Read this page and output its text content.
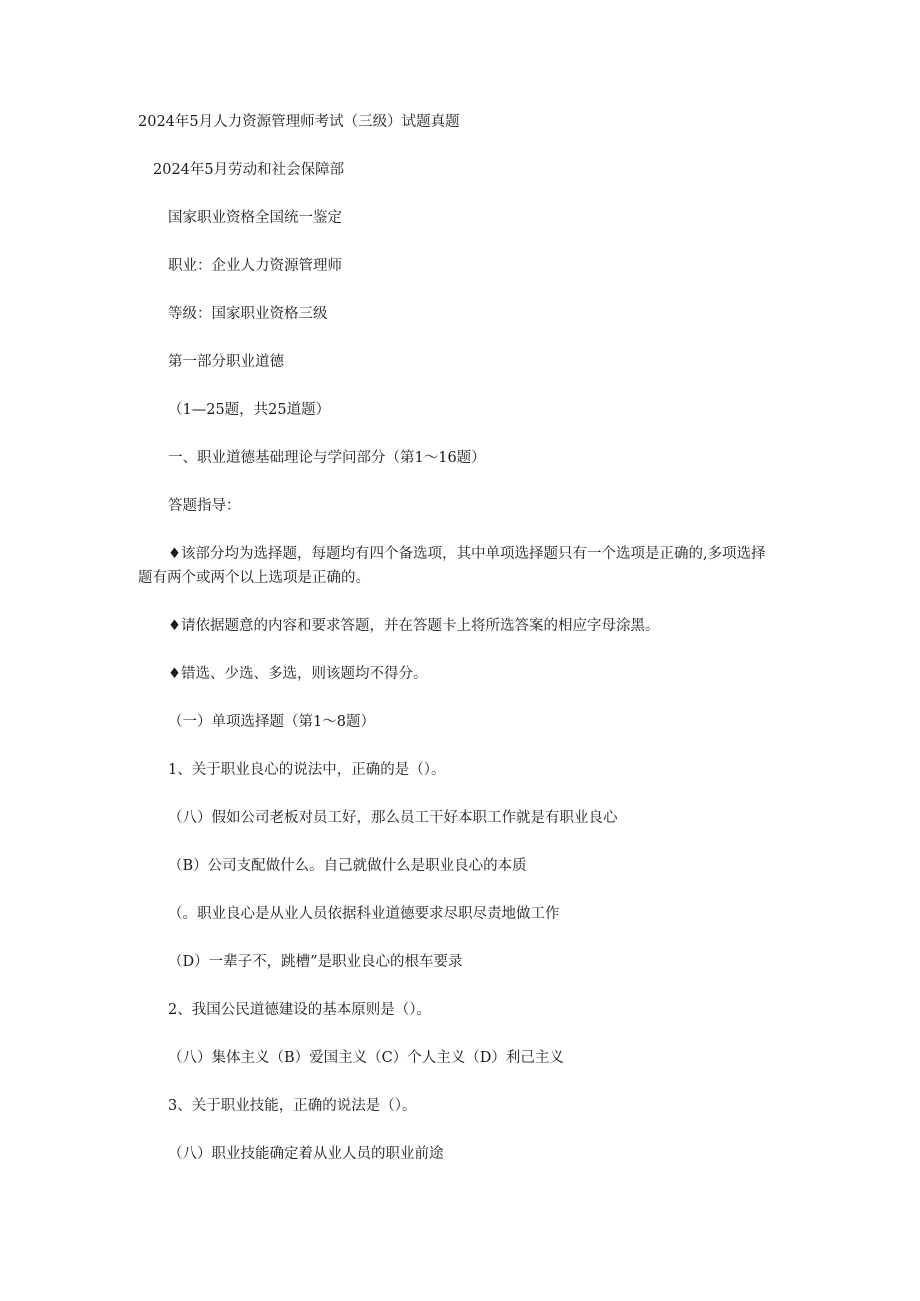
2024年5月人力资源管理师考试（三级）试题真题
2024年5月劳动和社会保障部
国家职业资格全国统一鉴定
职业：企业人力资源管理师
等级：国家职业资格三级
第一部分职业道德
（1—25题，共25道题）
一、职业道德基础理论与学问部分（第1～16题）
答题指导：
♦该部分均为选择题，每题均有四个备选项，其中单项选择题只有一个选项是正确的,多项选择题有两个或两个以上选项是正确的。
♦请依据题意的内容和要求答题，并在答题卡上将所选答案的相应字母涂黑。
♦错选、少选、多选，则该题均不得分。
（一）单项选择题（第1～8题）
1、关于职业良心的说法中，正确的是（）。
（八）假如公司老板对员工好，那么员工干好本职工作就是有职业良心
（B）公司支配做什么。自己就做什么是职业良心的本质
（。职业良心是从业人员依据科业道德要求尽职尽责地做工作
（D）一辈子不，跳槽”是职业良心的根车要录
2、我国公民道德建设的基本原则是（）。
（八）集体主义（B）爱国主义（C）个人主义（D）利己主义
3、关于职业技能，正确的说法是（）。
（八）职业技能确定着从业人员的职业前途
